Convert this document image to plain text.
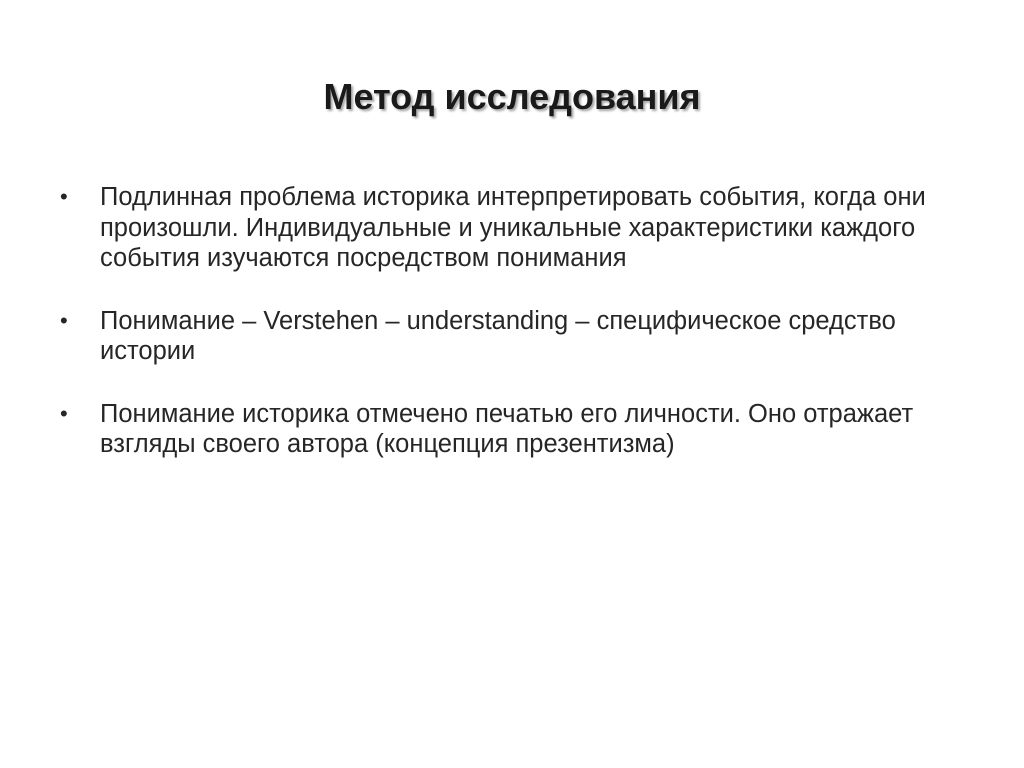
Метод исследования
• Подлинная проблема историка интерпретировать события, когда они произошли. Индивидуальные и уникальные характеристики каждого события изучаются посредством понимания
• Понимание – Verstehen – understanding – специфическое средство истории
• Понимание историка отмечено печатью его личности. Оно отражает взгляды своего автора (концепция презентизма)
